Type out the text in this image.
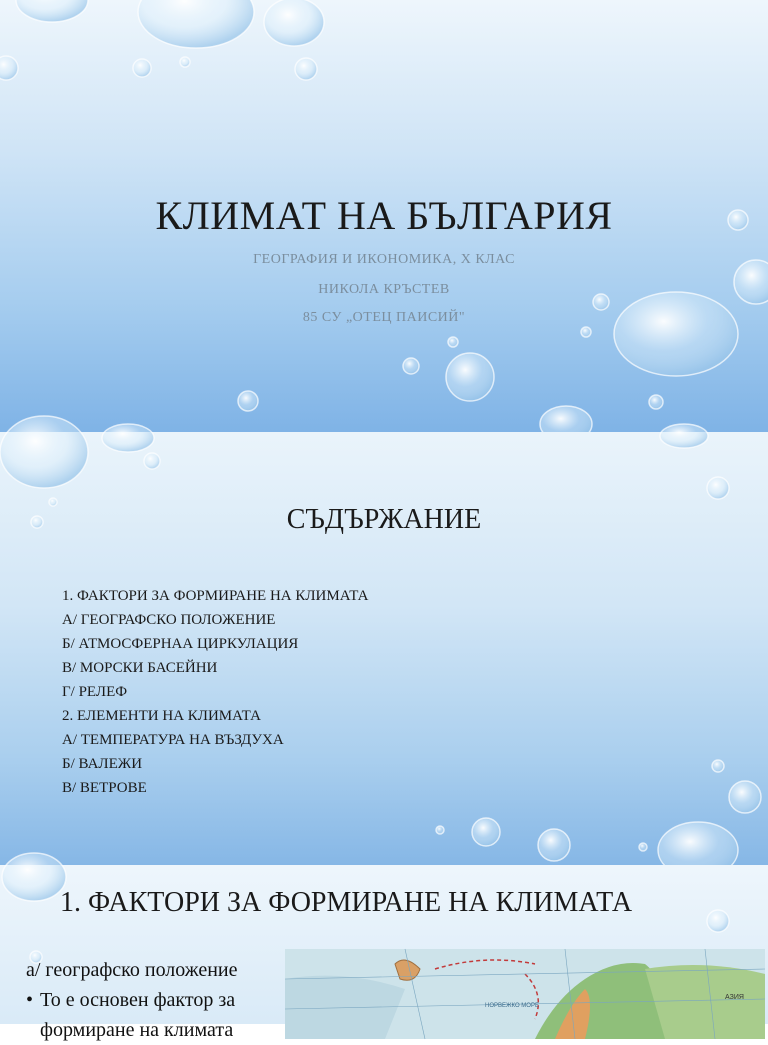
КЛИМАТ НА БЪЛГАРИЯ
ГЕОГРАФИЯ И ИКОНОМИКА, X КЛАС
НИКОЛА КРЪСТЕВ
85 СУ „ОТЕЦ ПАИСИЙ"
СЪДЪРЖАНИЕ
1. ФАКТОРИ ЗА ФОРМИРАНЕ НА КЛИМАТА
А/ ГЕОГРАФСКО ПОЛОЖЕНИЕ
Б/ АТМОСФЕРНАА ЦИРКУЛАЦИЯ
В/ МОРСКИ БАСЕЙНИ
Г/ РЕЛЕФ
2. ЕЛЕМЕНТИ НА КЛИМАТА
А/ ТЕМПЕРАТУРА НА ВЪЗДУХА
Б/ ВАЛЕЖИ
В/ ВЕТРОВЕ
1. ФАКТОРИ ЗА ФОРМИРАНЕ НА КЛИМАТА
а/ географско положение
• То е основен фактор за
формиране на климата
НОРВЕЖКО МОРЕ
АЗИЯ
